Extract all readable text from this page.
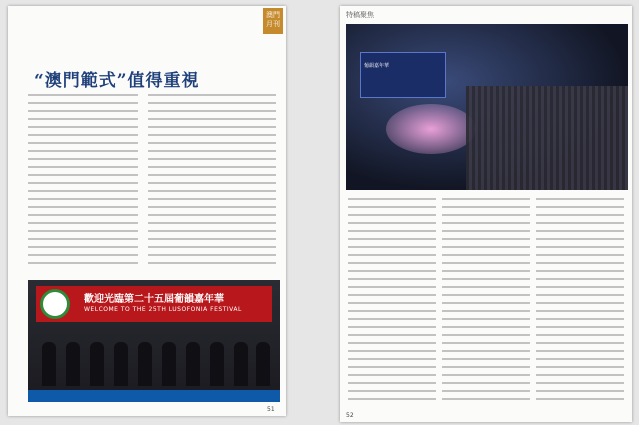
澳門
月刊
“澳門範式”值得重視
歡迎光臨第二十五屆葡韻嘉年華
WELCOME TO THE 25TH LUSOFONIA FESTIVAL
51
特稿聚焦
葡韻嘉年華
52
